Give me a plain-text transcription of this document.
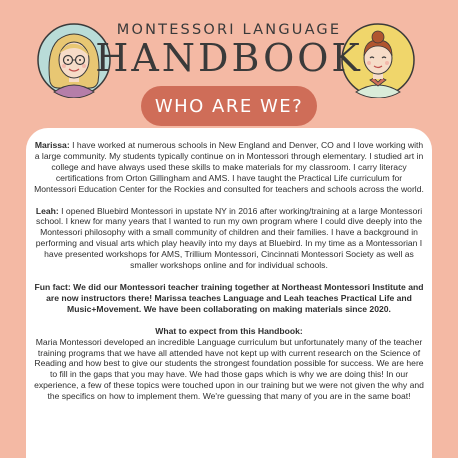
MONTESSORI LANGUAGE
HANDBOOK
WHO ARE WE?

Marissa: I have worked at numerous schools in New England and Denver, CO and I love working with a large community. My students typically continue on in Montessori through elementary. I studied art in college and have always used these skills to make materials for my classroom. I carry literacy certifications from Orton Gillingham and AMS. I have taught the Practical Life curriculum for Montessori Education Center for the Rockies and consulted for teachers and schools across the world.

Leah: I opened Bluebird Montessori in upstate NY in 2016 after working/training at a large Montessori school. I knew for many years that I wanted to run my own program where I could dive deeply into the Montessori philosophy with a small community of children and their families. I have a background in performing and visual arts which play heavily into my days at Bluebird. In my time as a Montessorian I have presented workshops for AMS, Trillium Montessori, Cincinnati Montessori Society as well as smaller workshops online and for individual schools.

Fun fact: We did our Montessori teacher training together at Northeast Montessori Institute and are now instructors there! Marissa teaches Language and Leah teaches Practical Life and Music+Movement. We have been collaborating on making materials since 2020.

What to expect from this Handbook:
Maria Montessori developed an incredible Language curriculum but unfortunately many of the teacher training programs that we have all attended have not kept up with current research on the Science of Reading and how best to give our students the strongest foundation possible for success. We are here to fill in the gaps that you may have. We had those gaps which is why we are doing this! In our experience, a few of these topics were touched upon in our training but we were not given the why and the specifics on how to implement them. We're guessing that many of you are in the same boat!
